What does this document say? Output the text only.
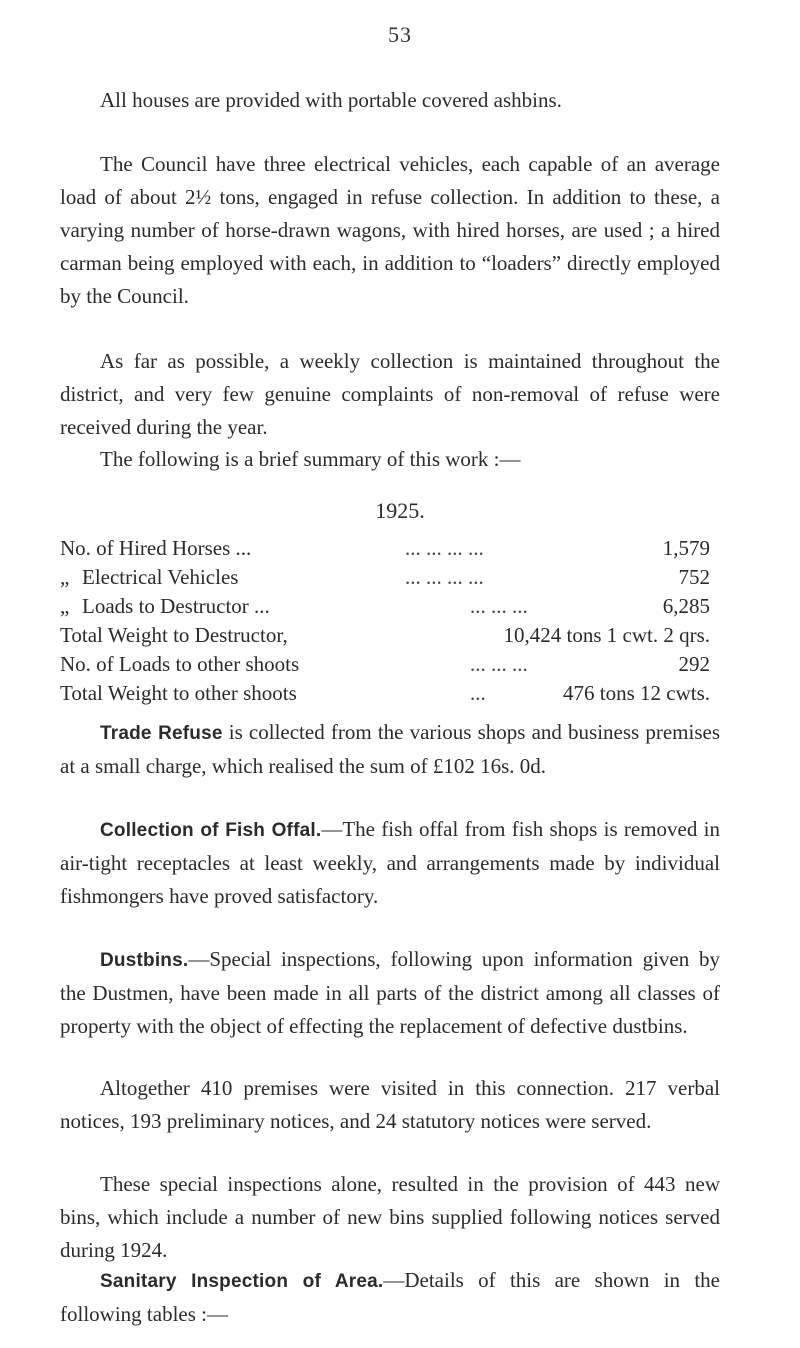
53

All houses are provided with portable covered ashbins.

The Council have three electrical vehicles, each capable of an average load of about 2½ tons, engaged in refuse collection. In addition to these, a varying number of horse-drawn wagons, with hired horses, are used ; a hired carman being employed with each, in addition to “loaders” directly employed by the Council.

As far as possible, a weekly collection is maintained throughout the district, and very few genuine complaints of non-removal of refuse were received during the year.

The following is a brief summary of this work :—

1925.
No. of Hired Horses ...	... ... ... ...	1,579
„ Electrical Vehicles	... ... ... ...	752
„ Loads to Destructor ...	... ... ...	6,285
Total Weight to Destructor,	10,424 tons 1 cwt. 2 qrs.
No. of Loads to other shoots	... ... ...	292
Total Weight to other shoots	...	476 tons 12 cwts.

Trade Refuse is collected from the various shops and business premises at a small charge, which realised the sum of £102 16s. 0d.

Collection of Fish Offal.—The fish offal from fish shops is removed in air-tight receptacles at least weekly, and arrangements made by individual fishmongers have proved satisfactory.

Dustbins.—Special inspections, following upon information given by the Dustmen, have been made in all parts of the district among all classes of property with the object of effecting the replacement of defective dustbins.

Altogether 410 premises were visited in this connection. 217 verbal notices, 193 preliminary notices, and 24 statutory notices were served.

These special inspections alone, resulted in the provision of 443 new bins, which include a number of new bins supplied following notices served during 1924.

Sanitary Inspection of Area.—Details of this are shown in the following tables :—
